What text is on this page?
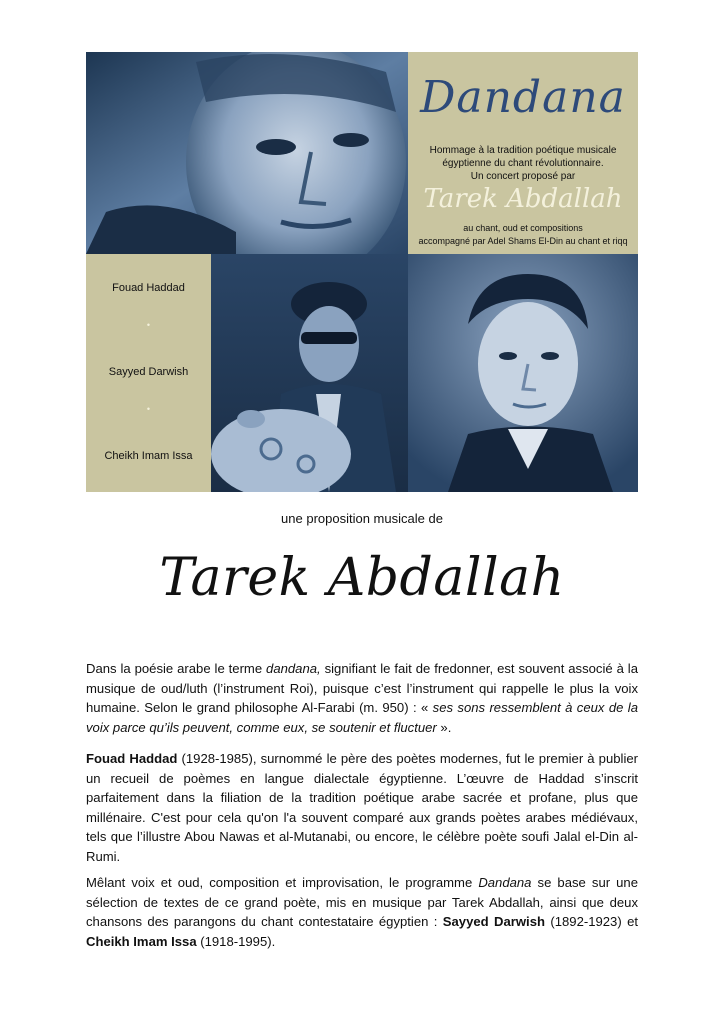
Dandana
Hommage à la tradition poétique musicale
égyptienne du chant révolutionnaire.
Un concert proposé par
Tarek Abdallah
au chant, oud et compositions
accompagné par Adel Shams El-Din au chant et riqq
Fouad Haddad
•
Sayyed Darwish
•
Cheikh Imam Issa
une proposition musicale de
Tarek Abdallah
Dans la poésie arabe le terme dandana, signifiant le fait de fredonner, est souvent associé à la musique de oud/luth (l’instrument Roi), puisque c’est l’instrument qui rappelle le plus la voix humaine. Selon le grand philosophe Al-Farabi (m. 950) : « ses sons ressemblent à ceux de la voix parce qu’ils peuvent, comme eux, se soutenir et fluctuer ».
Fouad Haddad (1928-1985), surnommé le père des poètes modernes, fut le premier à publier un recueil de poèmes en langue dialectale égyptienne. L’œuvre de Haddad s’inscrit parfaitement dans la filiation de la tradition poétique arabe sacrée et profane, plus que millénaire. C'est pour cela qu'on l'a souvent comparé aux grands poètes arabes médiévaux, tels que l’illustre Abou Nawas et al-Mutanabi, ou encore, le célèbre poète soufi Jalal el-Din al-Rumi.
Mêlant voix et oud, composition et improvisation, le programme Dandana se base sur une sélection de textes de ce grand poète, mis en musique par Tarek Abdallah, ainsi que deux chansons des parangons du chant contestataire égyptien : Sayyed Darwish (1892-1923) et Cheikh Imam Issa (1918-1995).
